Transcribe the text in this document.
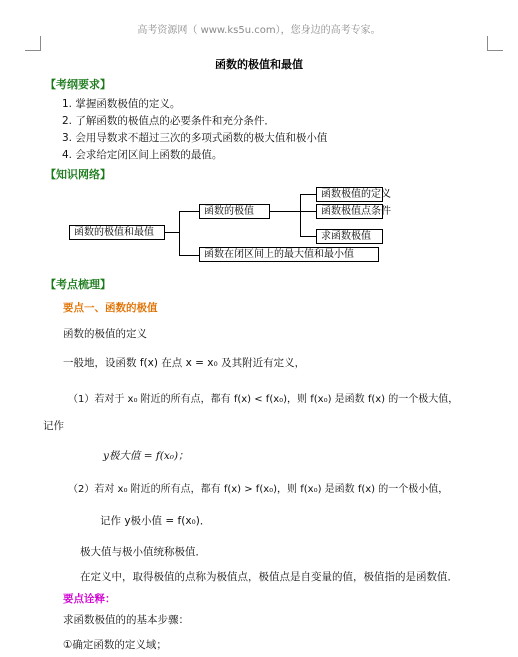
高考资源网（ www.ks5u.com），您身边的高考专家。
函数的极值和最值
【考纲要求】
1. 掌握函数极值的定义。
2. 了解函数的极值点的必要条件和充分条件．
3. 会用导数求不超过三次的多项式函数的极大值和极小值
4. 会求给定闭区间上函数的最值。
【知识网络】
函数的极值和最值
函数的极值
函数极值的定义
函数极值点条件
求函数极值
函数在闭区间上的最大值和最小值
【考点梳理】
要点一、函数的极值
函数的极值的定义
一般地，设函数 f(x) 在点 x = x₀ 及其附近有定义，
（1）若对于 x₀ 附近的所有点，都有 f(x) < f(x₀)，则 f(x₀) 是函数 f(x) 的一个极大值，
记作
y极大值 = f(x₀)；
（2）若对 x₀ 附近的所有点，都有 f(x) > f(x₀)，则 f(x₀) 是函数 f(x) 的一个极小值，
记作 y极小值 = f(x₀)．
极大值与极小值统称极值．
在定义中，取得极值的点称为极值点，极值点是自变量的值，极值指的是函数值．
要点诠释：
求函数极值的的基本步骤：
①确定函数的定义域；
